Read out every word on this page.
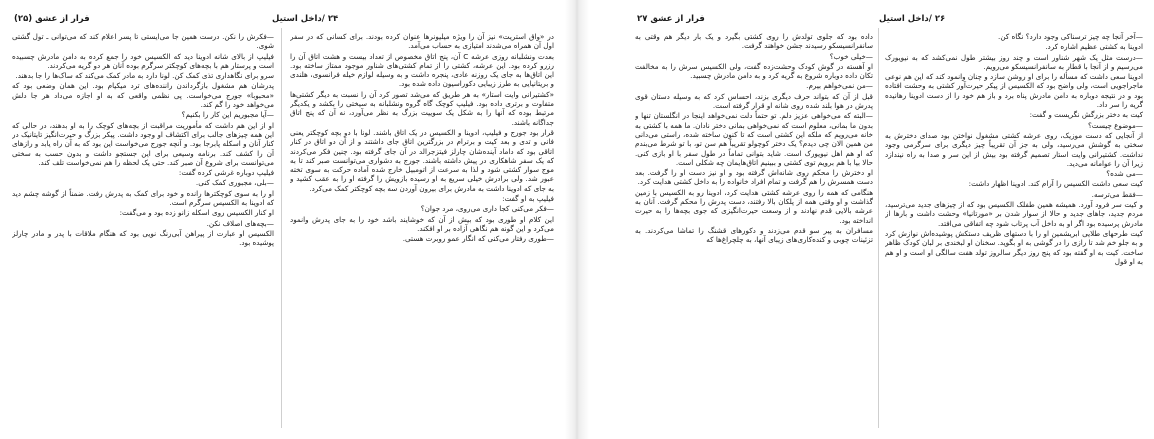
فرار از عشق (۲۵)	۲۴ /داخل استیل

—فکرش را نکن. درست همین جا می‌ایستی تا پسر اعلام کند که می‌توانی ـ تول گشتی شوی.

فیلیپ از بالای شانه ادوینا دید که الکسیس خود را جمع کرده به دامن مادرش چسبیده است و پرستار هم با بچه‌های کوچکتر سرگرم بوده آنان هر دو گریه می‌کردند.

سرو برای نگاهداری تذی کمک کن. لونا دارد به مادر کمک می‌کند که ساک‌ها را جا بدهند.

پدرشان هم مشغول بازگرداندن راننده‌های ترد میکیام بود. این همان وضعی بود که «محبوبا» جورج می‌خواست. پی نظمی واقعی که به او اجازه می‌داد هر جا دلش می‌خواهد خود را گم کند.

—آیا مجبوریم این کار را بکنیم؟

او از این هم داشت که مأموریت مراقبت از بچه‌های کوچک را به او بدهند، در حالی که این همه چیزهای جالب برای اکتشاف او وجود داشت. پیکر بزرگ و حیرت‌انگیز تایتانیک در کنار آنان و اسکله پابرجا بود. و آنچه جورج می‌خواست این بود که به آن راه یابد و رازهای آن را کشف کند. برنامه وسیعی برای این جستجو داشت و بدون حسب به سختی می‌توانست برای شروع آن صبر کند. حتی یک لحظه را هم نمی‌خواست تلف کند.

فیلیپ دوباره غرشی کرده گفت:

—بلی، مجبوری کمک کنی.

او را به سوی کوچکترها رانده و خود برای کمک به پدرش رفت. ضمناً از گوشه چشم دید که ادوینا به الکسیس سرگرم است.

او کنار الکسیس روی اسکله زانو زده بود و می‌گفت:

—بچه‌های اصلاف نکن.

الکسیس او عبارت از پیراهن آبی‌رنگ نویی بود که هنگام ملاقات با پدر و مادر چارلز پوشیده بود.

در «واق استریت» نیز آن را ویژه میلیونرها عنوان کرده بودند. برای کسانی که در سفر اول آن همراه می‌شدند امتیازی به حساب می‌آمد.

بعدت ونشلبانه روزی عرشه C آن، پنج اتاق مخصوص از تعداد بیست و هشت اتاق آن را رزرو کرده بود. این عرشه، کشتی را از تمام کشتی‌های شناور موجود ممتاز ساخته بود. این اتاق‌ها به جای یک روزنه عادی، پنجره داشت و به وسیله لوازم خیله فرانسوی، هلندی و بریتانیایی به طرز زیبایی دکوراسیون داده شده بود.

«کشتیرانی وایت استار» به هر طریق که می‌شد تصور کرد آن را نسبت به دیگر کشتی‌ها متفاوت و برتری داده بود. فیلیپ کوچک گاه گروه ونشلبانه به سیختی را بکشد و یکدیگر مرتبط بوده که آنها را به شکل یک سوییت بزرگ به نظر می‌آورد، نه آن که پنج اتاق جداگانه باشند.

قرار بود جورج و فیلیپ، ادوینا و الکسیس در یک اتاق باشند. لونا با دو بچه کوچکتر یعنی فانی و تدی و بعد کیت و برترام در بزرگترین اتاق جای داشتند و از آن دو اتاق در کنار اتاقی بود که داماد آینده‌شان چارلز فیتزجرالد در آن جای گرفته بود. چنین فکر می‌کردند که یک سفر شاهکاری در پیش داشته باشند. جورج به دشواری می‌توانست صبر کند تا به موج سوار کشتی شود و لذا به سرعت از اتومبیل خارج شده آماده حرکت به سوی تخته عبور شد. ولی برادرش خیلی سریع به او رسیده بازویش را گرفته او را به عقب کشید و به جای که ادوینا داشت به مادرش برای بیرون آوردن سه بچه کوچکتر کمک می‌کرد.

فیلیپ به او گفت:

—فکر می‌کنی کجا داری می‌روی، مرد جوان؟

این کلام او طوری بود که بیش از آن که خوشایند باشد خود را به جای پدرش وانمود می‌کرد و این گونه هم نگاهی آزاده بر او افکند.

—طوری رفتار می‌کنی که انگار عمو روبرت هستی.

فرار از عشق ۲۷	۲۶ /داخل استیل

داده بود که جلوی تولدش را روی کشتی بگیرد و یک بار دیگر هم وقتی به سانفرانسیسکو رسیدند جشن خواهند گرفت.

—خیلی خوب؟

او آهسته در گوش کودک وحشت‌زده گفت، ولی الکسیس سرش را به مخالفت تکان داده دوباره شروع به گریه کرد و به دامن مادرش چسبید.

—من نمی‌خواهم بیرم.

قبل از آن که بتواند حرف دیگری بزند، احساس کرد که به وسیله دستان قوی پدرش در هوا بلند شده روی شانه او قرار گرفته است.

—البته که می‌خواهی عزیز دلم. تو حتماً دلت نمی‌خواهد اینجا در انگلستان تنها و بدون ما بمانی، معلوم است که نمی‌خواهی بمانی دختر نادان. ما همه با کشتی به خانه می‌رویم که ملکه این کشتی است که تا کنون ساخته شده، راستی می‌دانی من همین الان چی دیدم؟ یک دختر کوچولو تقریباً هم سن تو، با تو شرط می‌بندم که او هم اهل نیویورک است. شاید بتوانی تماماً در طول سفر با او بازی کنی. حالا بیا با هم برویم توی کشتی و ببینیم اتاق‌هایمان چه شکلی است.

او دخترش را محکم روی شانه‌اش گرفته بود و او نیز دست او را گرفت. بعد دست همسرش را هم گرفت و تمام افراد خانواده را به داخل کشتی هدایت کرد.

هنگامی که همه را روی عرشه کشتی هدایت کرد، ادوینا رو به الکسیس با زمین گذاشت و او وقتی همه از پلکان بالا رفتند، دست پدرش را محکم گرفت. آنان به عرشه بالایی قدم نهادند و از وسعت حیرت‌انگیزی که جوی بچه‌ها را به حیرت انداخته بود.

مسافران به پیر سو قدم می‌زدند و دکورهای قشنگ را تماشا می‌کردند. به تزئینات چوبی و کنده‌کاری‌های زیبای آنها، به چلچراغ‌ها که

—آخر آنجا چه چیز ترسناکی وجود دارد؟ نگاه کن.

ادوینا به کشتی عظیم اشاره کرد.

—درست مثل یک شهر شناور است و چند روز بیشتر طول نمی‌کشد که به نیویورک می‌رسیم و از آنجا با قطار به سانفرانسیسکو می‌رویم.

ادوینا سعی داشت که مسأله را برای او روشن سازد و چنان وانمود کند که این هم نوعی ماجراجویی است، ولی واضح بود که الکسیس از پیکر حیرت‌آور کشتی به وحشت افتاده بود و در نتیجه دوباره به دامن مادرش پناه برد و باز هم خود را از دست ادوینا رهانیده گریه را سر داد.

کیت به دختر بزرگش نگریست و گفت:

—موضوع چیست؟

از آنجایی که دست موزیک، روی عرشه کشتی مشغول نواختن بود صدای دخترش به سختی به گوشش می‌رسید، ولی به جز آن تقریباً چیز دیگری برای سرگرمی وجود نداشت. کشتیرانی وایت استار تصمیم گرفته بود بیش از این سر و صدا به راه نیندازد زیرا آن را عوامانه می‌دید.

—می‌ شده؟

کیت سعی داشت الکسیس را آرام کند. ادوینا اظهار داشت:

—فقط می‌ترسه.

و کیت سر فرود آورد. همیشه همین طفلک الکسیس بود که از چیزهای جدید می‌ترسید، مردم جدید، جاهای جدید و حالا از سوار شدن بر «مورتانیا» وحشت داشت و بارها از مادرش پرسیده بود اگر او به داخل آب پرتاب شود چه اتفاقی می‌افتد.

کیت طرحهای طلایی ابریشمین او را با دستهای ظریف دستکش پوشیده‌اش نوازش کرد و به جلو خم شد تا رازی را در گوشی به او بگوید. سخنان او لبخندی بر لبان کودک ظاهر ساخت. کیت به او گفته بود که پنج روز دیگر سالروز تولد هفت سالگی او است و او هم به او قول
